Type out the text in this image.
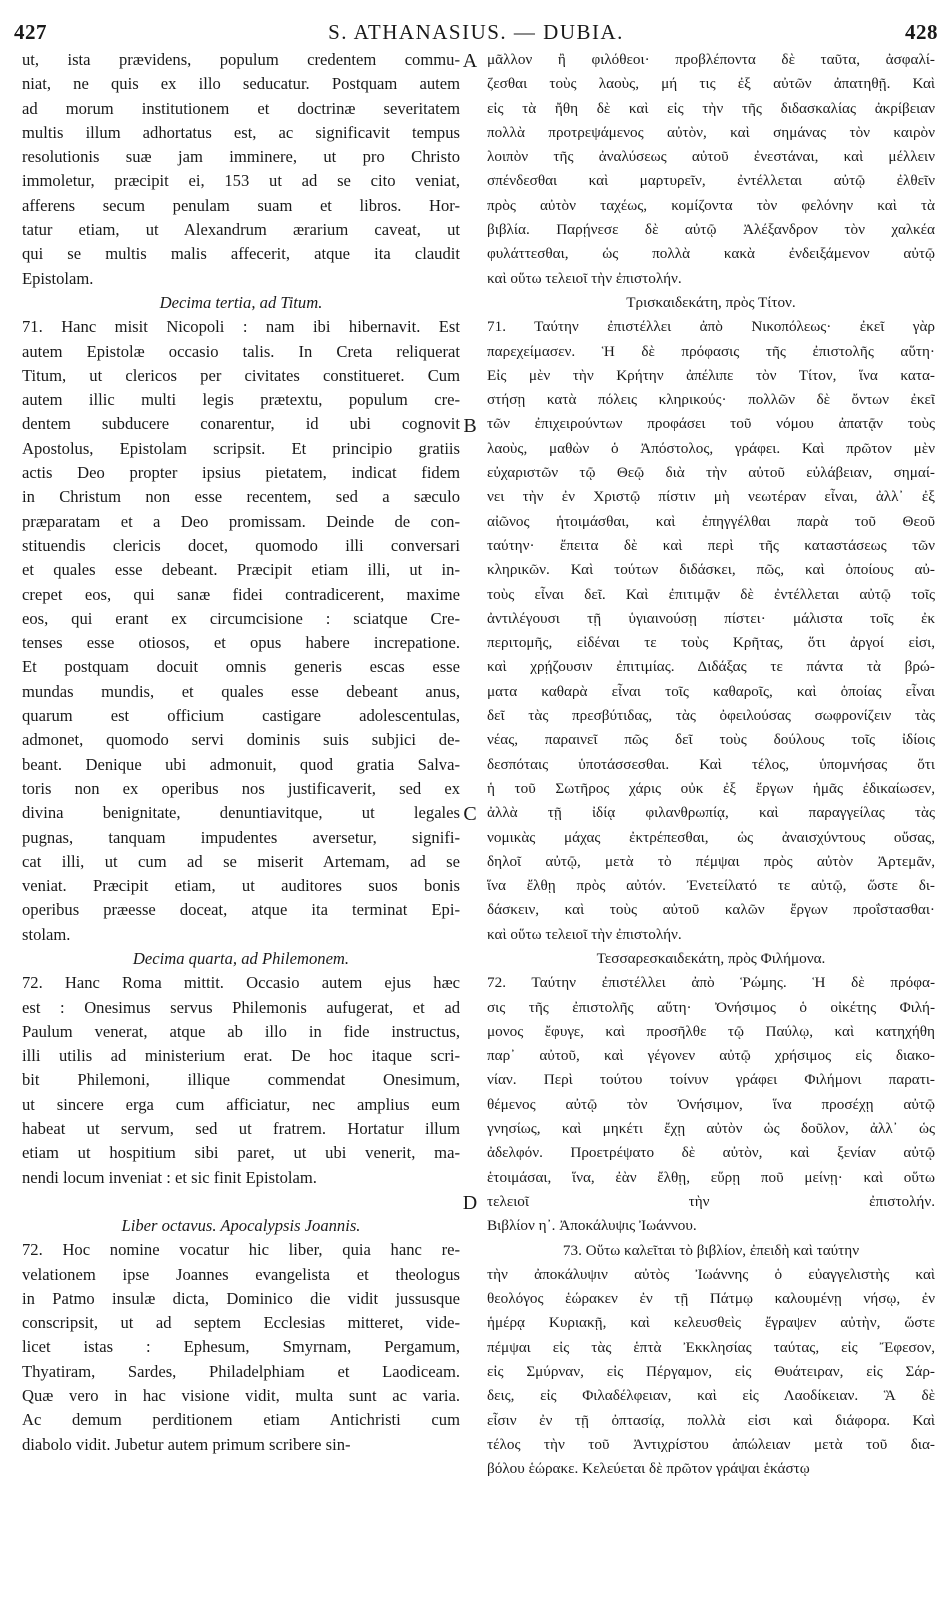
427	S. ATHANASIUS. — DUBIA.	428
ut, ista prævidens, populum credentem commu-
niat, ne quis ex illo seducatur. Postquam autem
ad morum institutionem et doctrinæ severitatem
multis illum adhortatus est, ac significavit tempus
resolutionis suæ jam imminere, ut pro Christo
immoletur, præcipit ei, 153 ut ad se cito veniat,
afferens secum penulam suam et libros. Hor-
tatur etiam, ut Alexandrum ærarium caveat, ut
qui se multis malis affecerit, atque ita claudit
Epistolam.
Decima tertia, ad Titum.
71. Hanc misit Nicopoli : nam ibi hibernavit. Est
autem Epistolæ occasio talis. In Creta reliquerat
Titum, ut clericos per civitates constitueret. Cum
autem illic multi legis prætextu, populum cre-
dentem subducere conarentur, id ubi cognovit
Apostolus, Epistolam scripsit. Et principio gratiis
actis Deo propter ipsius pietatem, indicat fidem
in Christum non esse recentem, sed a sæculo
præparatam et a Deo promissam. Deinde de con-
stituendis clericis docet, quomodo illi conversari
et quales esse debeant. Præcipit etiam illi, ut in-
crepet eos, qui sanæ fidei contradicerent, maxime
eos, qui erant ex circumcisione : sciatque Cre-
tenses esse otiosos, et opus habere increpatione.
Et postquam docuit omnis generis escas esse
mundas mundis, et quales esse debeant anus,
quarum est officium castigare adolescentulas,
admonet, quomodo servi dominis suis subjici de-
beant. Denique ubi admonuit, quod gratia Salva-
toris non ex operibus nos justificaverit, sed ex
divina benignitate, denuntiavitque, ut legales
pugnas, tanquam impudentes aversetur, signifi-
cat illi, ut cum ad se miserit Artemam, ad se
veniat. Præcipit etiam, ut auditores suos bonis
operibus præesse doceat, atque ita terminat Epi-
stolam.
Decima quarta, ad Philemonem.
72. Hanc Roma mittit. Occasio autem ejus hæc
est : Onesimus servus Philemonis aufugerat, et ad
Paulum venerat, atque ab illo in fide instructus,
illi utilis ad ministerium erat. De hoc itaque scri-
bit Philemoni, illique commendat Onesimum,
ut sincere erga cum afficiatur, nec amplius eum
habeat ut servum, sed ut fratrem. Hortatur illum
etiam ut hospitium sibi paret, ut ubi venerit, ma-
nendi locum inveniat : et sic finit Epistolam.
Liber octavus. Apocalypsis Joannis.
72. Hoc nomine vocatur hic liber, quia hanc re-
velationem ipse Joannes evangelista et theologus
in Patmo insulæ dicta, Dominico die vidit jussusque
conscripsit, ut ad septem Ecclesias mitteret, vide-
licet istas : Ephesum, Smyrnam, Pergamum,
Thyatiram, Sardes, Philadelphiam et Laodiceam.
Quæ vero in hac visione vidit, multa sunt ac varia.
Ac demum perditionem etiam Antichristi cum
diabolo vidit. Jubetur autem primum scribere sin-
A
B
C
D
μᾶλλον ἢ φιλόθεοι· προβλέποντα δὲ ταῦτα, ἀσφαλί-
ζεσθαι τοὺς λαοὺς, μή τις ἐξ αὐτῶν ἀπατηθῇ. Καὶ
εἰς τὰ ἤθη δὲ καὶ εἰς τὴν τῆς διδασκαλίας ἀκρίβειαν
πολλὰ προτρεψάμενος αὐτὸν, καὶ σημάνας τὸν καιρὸν
λοιπὸν τῆς ἀναλύσεως αὐτοῦ ἐνεστάναι, καὶ μέλλειν
σπένδεσθαι καὶ μαρτυρεῖν, ἐντέλλεται αὐτῷ ἐλθεῖν
πρὸς αὐτὸν ταχέως, κομίζοντα τὸν φελόνην καὶ τὰ
βιβλία. Παρῄνεσε δὲ αὐτῷ Ἀλέξανδρον τὸν χαλκέα
φυλάττεσθαι, ὡς πολλὰ κακὰ ἐνδειξάμενον αὐτῷ
καὶ οὕτω τελειοῖ τὴν ἐπιστολήν.
Τρισκαιδεκάτη, πρὸς Τίτον.
71. Ταύτην ἐπιστέλλει ἀπὸ Νικοπόλεως· ἐκεῖ γὰρ
παρεχείμασεν. Ἡ δὲ πρόφασις τῆς ἐπιστολῆς αὕτη·
Εἰς μὲν τὴν Κρήτην ἀπέλιπε τὸν Τίτον, ἵνα κατα-
στήσῃ κατὰ πόλεις κληρικούς· πολλῶν δὲ ὄντων ἐκεῖ
τῶν ἐπιχειρούντων προφάσει τοῦ νόμου ἀπατᾷν τοὺς
λαοὺς, μαθὼν ὁ Ἀπόστολος, γράφει. Καὶ πρῶτον μὲν
εὐχαριστῶν τῷ Θεῷ διὰ τὴν αὐτοῦ εὐλάβειαν, σημαί-
νει τὴν ἐν Χριστῷ πίστιν μὴ νεωτέραν εἶναι, ἀλλ᾽ ἐξ
αἰῶνος ἡτοιμάσθαι, καὶ ἐπηγγέλθαι παρὰ τοῦ Θεοῦ
ταύτην· ἔπειτα δὲ καὶ περὶ τῆς καταστάσεως τῶν
κληρικῶν. Καὶ τούτων διδάσκει, πῶς, καὶ ὁποίους αὐ-
τοὺς εἶναι δεῖ. Καὶ ἐπιτιμᾷν δὲ ἐντέλλεται αὐτῷ τοῖς
ἀντιλέγουσι τῇ ὑγιαινούσῃ πίστει· μάλιστα τοῖς ἐκ
περιτομῆς, εἰδέναι τε τοὺς Κρῆτας, ὅτι ἀργοί εἰσι,
καὶ χρῄζουσιν ἐπιτιμίας. Διδάξας τε πάντα τὰ βρώ-
ματα καθαρὰ εἶναι τοῖς καθαροῖς, καὶ ὁποίας εἶναι
δεῖ τὰς πρεσβύτιδας, τὰς ὀφειλούσας σωφρονίζειν τὰς
νέας, παραινεῖ πῶς δεῖ τοὺς δούλους τοῖς ἰδίοις
δεσπόταις ὑποτάσσεσθαι. Καὶ τέλος, ὑπομνήσας ὅτι
ἡ τοῦ Σωτῆρος χάρις οὐκ ἐξ ἔργων ἡμᾶς ἐδικαίωσεν,
ἀλλὰ τῇ ἰδίᾳ φιλανθρωπίᾳ, καὶ παραγγείλας τὰς
νομικὰς μάχας ἐκτρέπεσθαι, ὡς ἀναισχύντους οὔσας,
δηλοῖ αὐτῷ, μετὰ τὸ πέμψαι πρὸς αὐτὸν Ἀρτεμᾶν,
ἵνα ἔλθῃ πρὸς αὐτόν. Ἐνετείλατό τε αὐτῷ, ὥστε δι-
δάσκειν, καὶ τοὺς αὐτοῦ καλῶν ἔργων προΐστασθαι·
καὶ οὕτω τελειοῖ τὴν ἐπιστολήν.
Τεσσαρεσκαιδεκάτη, πρὸς Φιλήμονα.
72. Ταύτην ἐπιστέλλει ἀπὸ Ῥώμης. Ἡ δὲ πρόφα-
σις τῆς ἐπιστολῆς αὕτη· Ὀνήσιμος ὁ οἰκέτης Φιλή-
μονος ἔφυγε, καὶ προσῆλθε τῷ Παύλῳ, καὶ κατηχήθη
παρ᾽ αὐτοῦ, καὶ γέγονεν αὐτῷ χρήσιμος εἰς διακο-
νίαν. Περὶ τούτου τοίνυν γράφει Φιλήμονι παρατι-
θέμενος αὐτῷ τὸν Ὀνήσιμον, ἵνα προσέχῃ αὐτῷ
γνησίως, καὶ μηκέτι ἔχῃ αὐτὸν ὡς δοῦλον, ἀλλ᾽ ὡς
ἀδελφόν. Προετρέψατο δὲ αὐτὸν, καὶ ξενίαν αὐτῷ
ἑτοιμάσαι, ἵνα, ἐὰν ἔλθῃ, εὕρῃ ποῦ μείνῃ· καὶ οὕτω
τελειοῖ τὴν ἐπιστολήν.
Βιβλίον η᾽. Ἀποκάλυψις Ἰωάννου.
73. Οὕτω καλεῖται τὸ βιβλίον, ἐπειδὴ καὶ ταύτην
τὴν ἀποκάλυψιν αὐτὸς Ἰωάννης ὁ εὐαγγελιστὴς καὶ
θεολόγος ἑώρακεν ἐν τῇ Πάτμῳ καλουμένῃ νήσῳ, ἐν
ἡμέρᾳ Κυριακῇ, καὶ κελευσθεὶς ἔγραψεν αὐτὴν, ὥστε
πέμψαι εἰς τὰς ἑπτὰ Ἐκκλησίας ταύτας, εἰς Ἔφεσον,
εἰς Σμύρναν, εἰς Πέργαμον, εἰς Θυάτειραν, εἰς Σάρ-
δεις, εἰς Φιλαδέλφειαν, καὶ εἰς Λαοδίκειαν. Ἃ δὲ
εἶσιν ἐν τῇ ὀπτασίᾳ, πολλὰ εἰσι καὶ διάφορα. Καὶ
τέλος τὴν τοῦ Ἀντιχρίστου ἀπώλειαν μετὰ τοῦ δια-
βόλου ἑώρακε. Κελεύεται δὲ πρῶτον γράψαι ἑκάστῳ
